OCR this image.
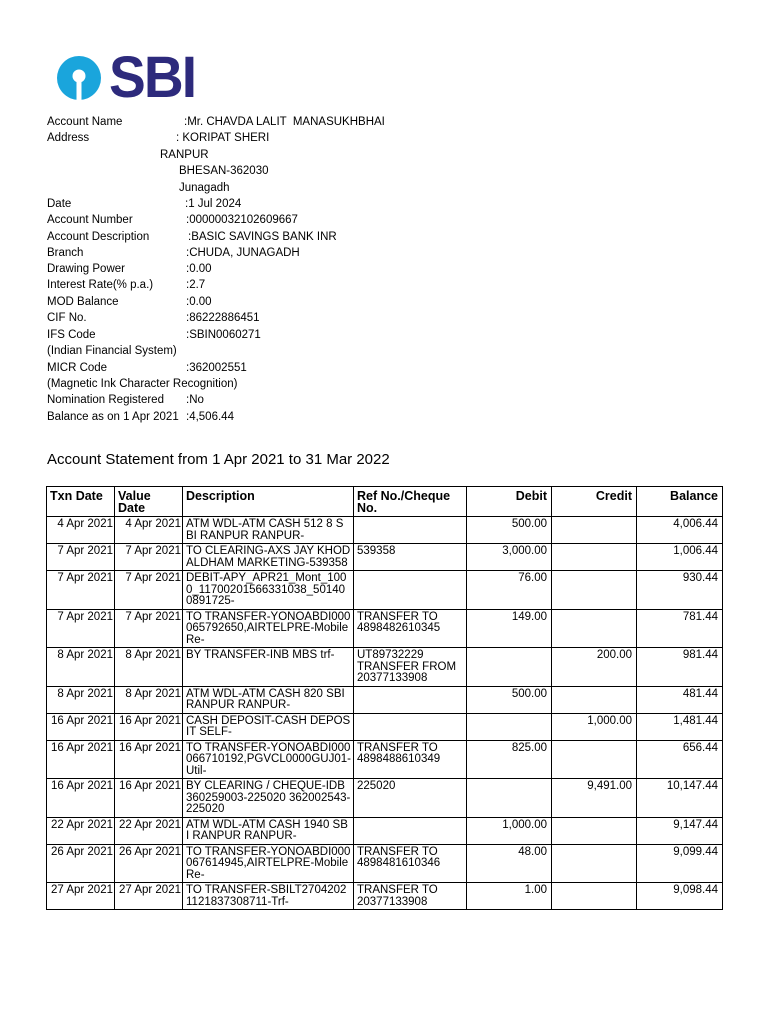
SBI
Account Name	:Mr. CHAVDA LALIT  MANASUKHBHAI
Address	: KORIPAT SHERI
RANPUR
BHESAN-362030
Junagadh
Date	:1 Jul 2024
Account Number	:00000032102609667
Account Description	:BASIC SAVINGS BANK INR
Branch	:CHUDA, JUNAGADH
Drawing Power	:0.00
Interest Rate(% p.a.)	:2.7
MOD Balance	:0.00
CIF No.	:86222886451
IFS Code	:SBIN0060271
(Indian Financial System)
MICR Code	:362002551
(Magnetic Ink Character Recognition)
Nomination Registered :No
Balance as on 1 Apr 2021 :4,506.44
Account Statement from 1 Apr 2021 to 31 Mar 2022
Txn Date	Value Date	Description	Ref No./Cheque No.	Debit	Credit	Balance
4 Apr 2021	4 Apr 2021	ATM WDL-ATM CASH 512 8 SBI RANPUR RANPUR-		500.00		4,006.44
7 Apr 2021	7 Apr 2021	TO CLEARING-AXS JAY KHODALDHAM MARKETING-539358	539358	3,000.00		1,006.44
7 Apr 2021	7 Apr 2021	DEBIT-APY_APR21_Mont_1000_11700201566331038_501400891725-		76.00		930.44
7 Apr 2021	7 Apr 2021	TO TRANSFER-YONOABDI000065792650,AIRTELPRE-Mobile Re-	TRANSFER TO 4898482610345	149.00		781.44
8 Apr 2021	8 Apr 2021	BY TRANSFER-INB MBS trf-	UT89732229 TRANSFER FROM 20377133908		200.00	981.44
8 Apr 2021	8 Apr 2021	ATM WDL-ATM CASH 820 SBI RANPUR RANPUR-		500.00		481.44
16 Apr 2021	16 Apr 2021	CASH DEPOSIT-CASH DEPOSIT SELF-			1,000.00	1,481.44
16 Apr 2021	16 Apr 2021	TO TRANSFER-YONOABDI000066710192,PGVCL0000GUJ01-Util-	TRANSFER TO 4898488610349	825.00		656.44
16 Apr 2021	16 Apr 2021	BY CLEARING / CHEQUE-IDB 360259003-225020 362002543-225020	225020		9,491.00	10,147.44
22 Apr 2021	22 Apr 2021	ATM WDL-ATM CASH 1940 SBI RANPUR RANPUR-		1,000.00		9,147.44
26 Apr 2021	26 Apr 2021	TO TRANSFER-YONOABDI000067614945,AIRTELPRE-Mobile Re-	TRANSFER TO 4898481610346	48.00		9,099.44
27 Apr 2021	27 Apr 2021	TO TRANSFER-SBILT27042021121837308711-Trf-	TRANSFER TO 20377133908	1.00		9,098.44
